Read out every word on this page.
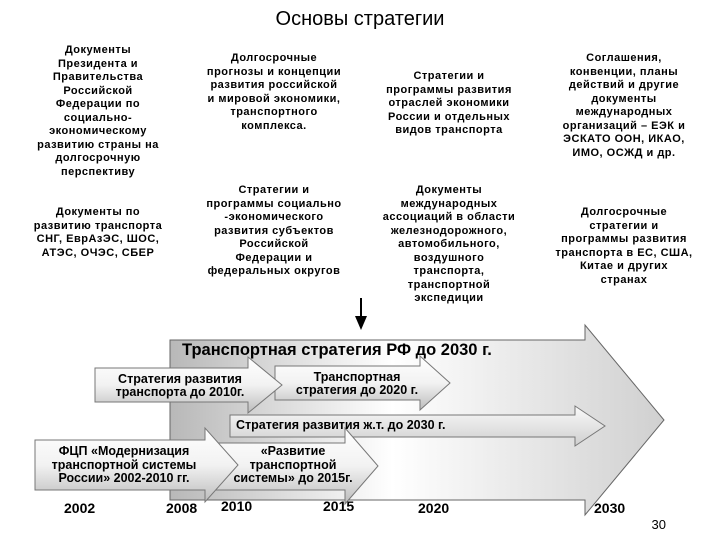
Основы стратегии
Документы
Президента и
Правительства
Российской
Федерации по
социально-
экономическому
развитию страны на
долгосрочную
перспективу
Долгосрочные
прогнозы и концепции
развития российской
и мировой экономики,
транспортного
комплекса.
Стратегии и
программы развития
отраслей экономики
России и отдельных
видов транспорта
Соглашения,
конвенции, планы
действий и другие
документы
международных
организаций – ЕЭК и
ЭСКАТО ООН, ИКАО,
ИМО, ОСЖД и др.
Документы по
развитию транспорта
СНГ, ЕврАзЭС, ШОС,
АТЭС, ОЧЭС, СБЕР
Стратегии и
программы социально
-экономического
развития субъектов
Российской
Федерации и
федеральных округов
Документы
международных
ассоциаций в области
железнодорожного,
автомобильного,
воздушного
транспорта,
транспортной
экспедиции
Долгосрочные
стратегии и
программы развития
транспорта в ЕС, США,
Китае и других
странах
Транспортная стратегия РФ до 2030 г.
Транспортная
стратегия до 2020 г.
Стратегия развития
транспорта до 2010г.
Стратегия развития ж.т. до 2030 г.
ФЦП «Модернизация
транспортной системы
России» 2002-2010 гг.
«Развитие
транспортной
системы» до 2015г.
2002	2008 2010	2015	2020	2030
30
